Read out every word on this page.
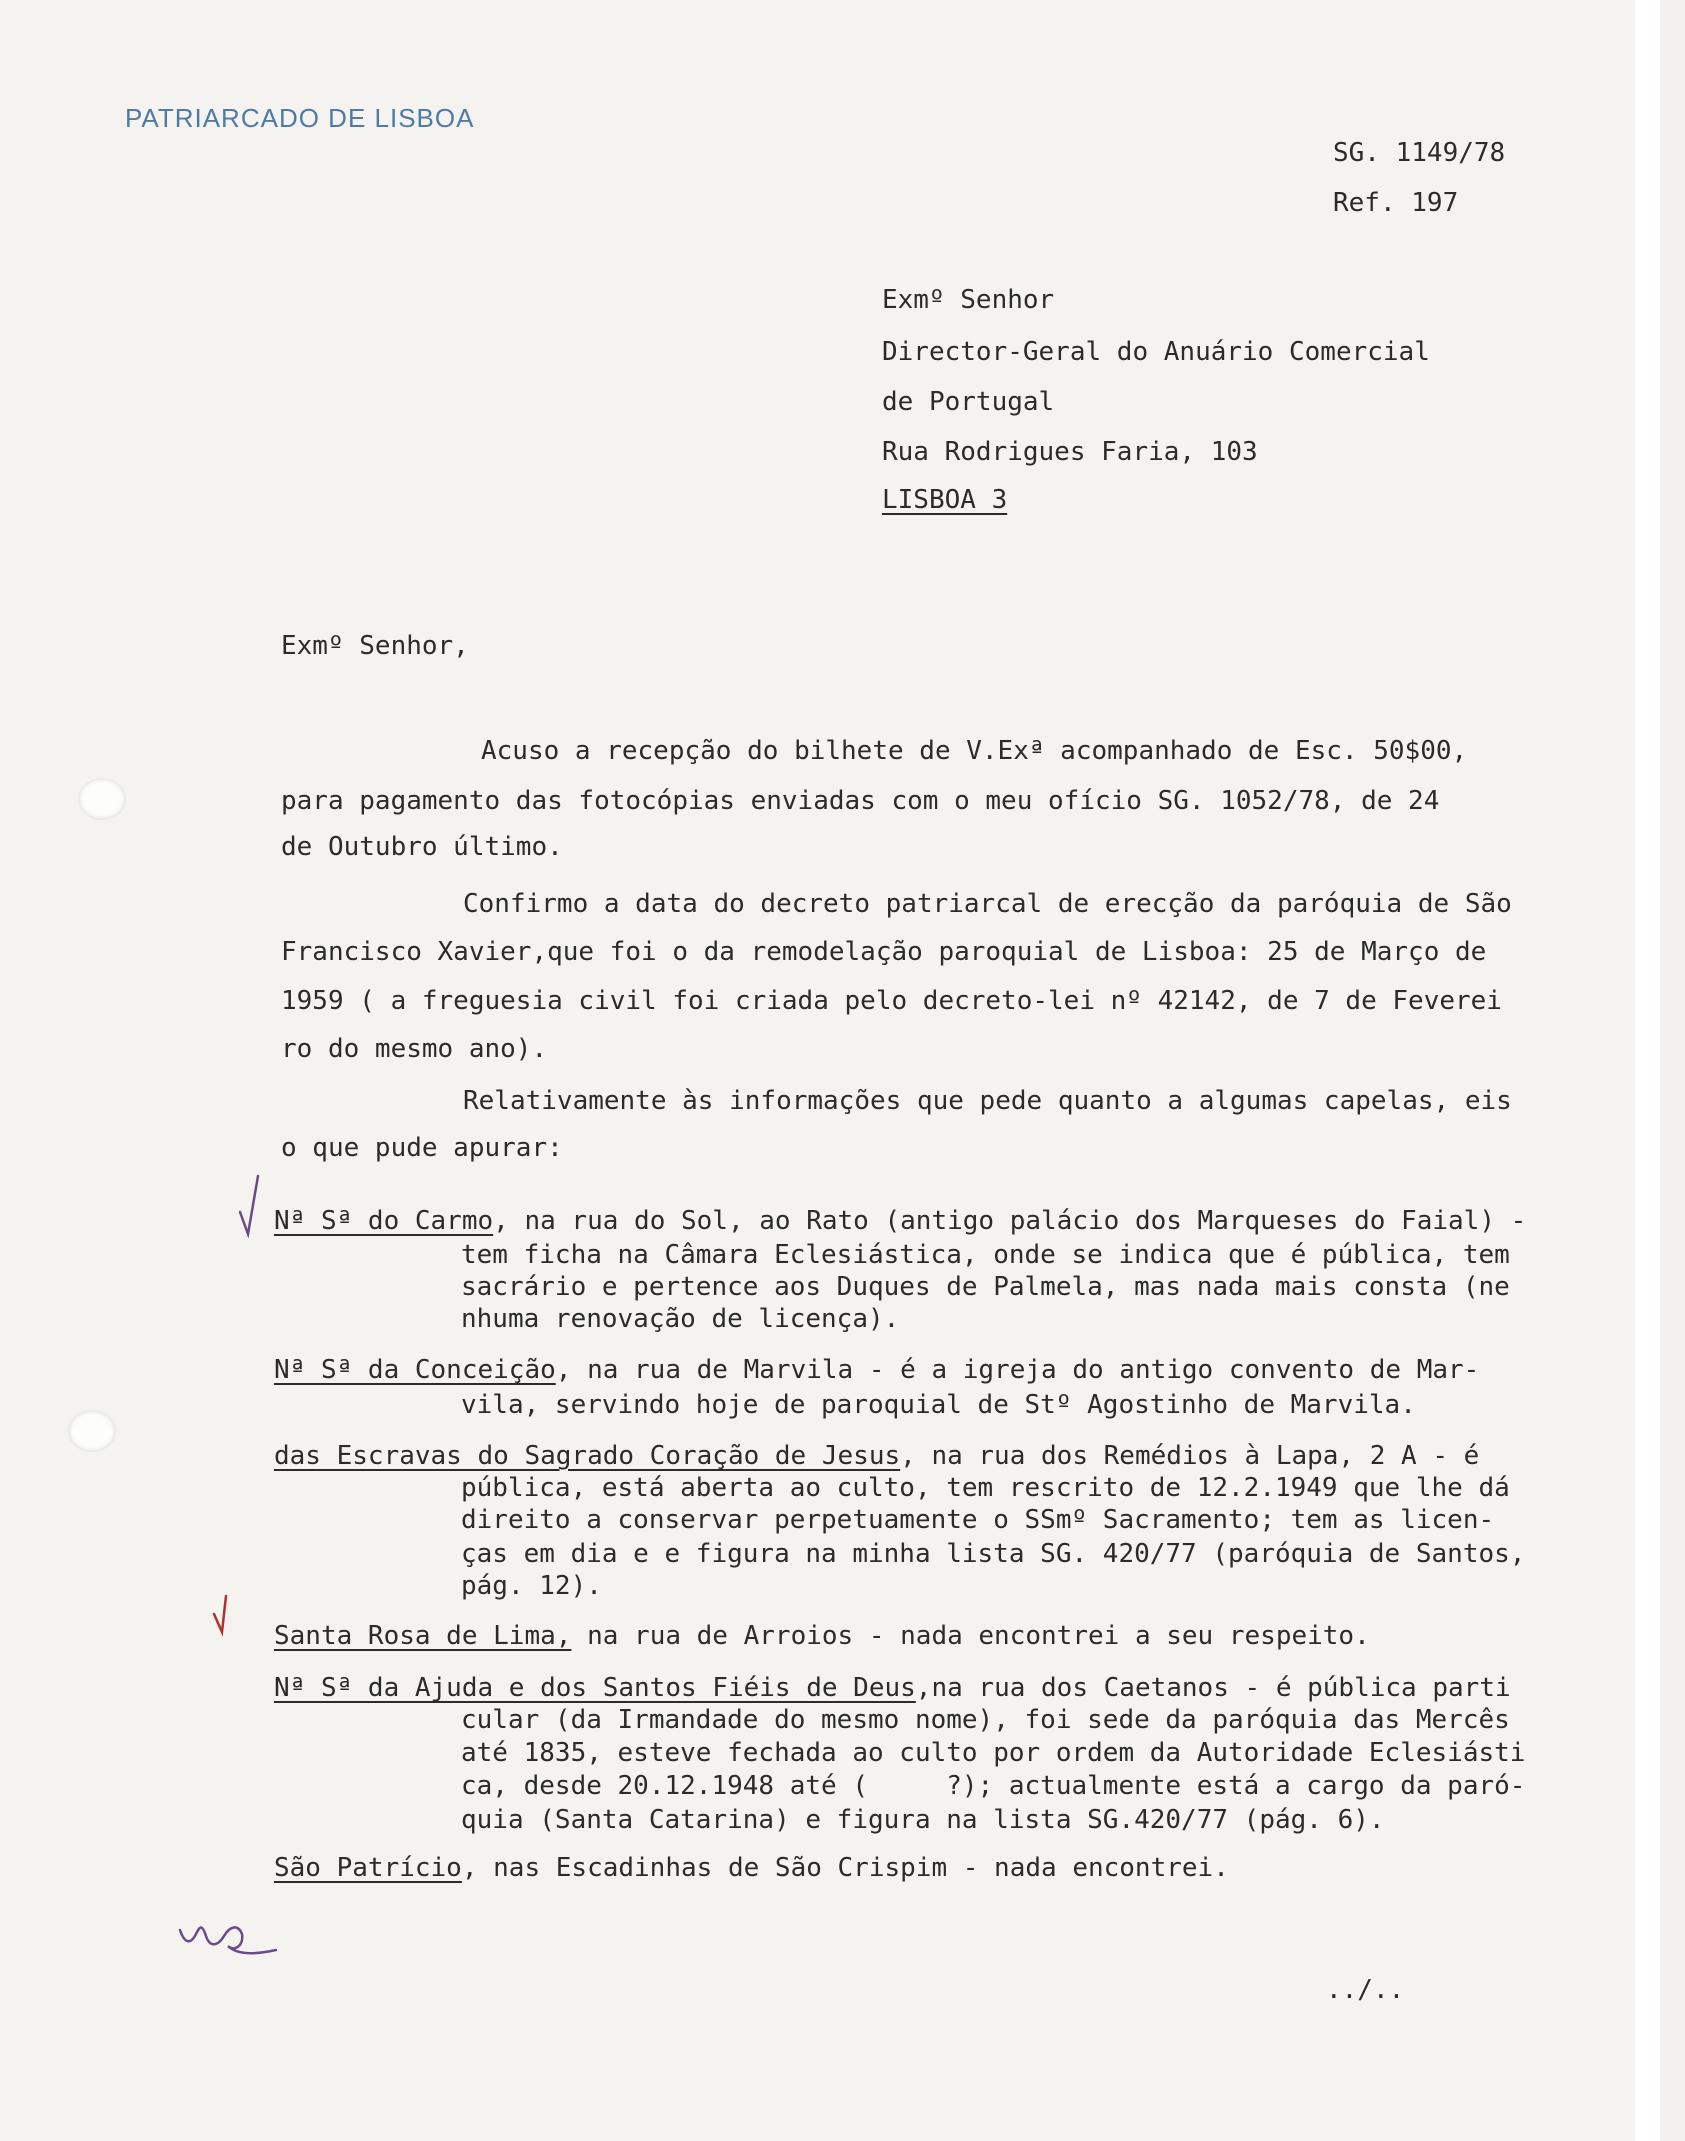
PATRIARCADO DE LISBOA
SG. 1149/78
Ref. 197
Exmº Senhor
Director-Geral do Anuário Comercial
de Portugal
Rua Rodrigues Faria, 103
LISBOA 3
Exmº Senhor,
Acuso a recepção do bilhete de V.Exª acompanhado de Esc. 50$00,
para pagamento das fotocópias enviadas com o meu ofício SG. 1052/78, de 24
de Outubro último.
Confirmo a data do decreto patriarcal de erecção da paróquia de São
Francisco Xavier,que foi o da remodelação paroquial de Lisboa: 25 de Março de
1959 ( a freguesia civil foi criada pelo decreto-lei nº 42142, de 7 de Feverei
ro do mesmo ano).
Relativamente às informações que pede quanto a algumas capelas, eis
o que pude apurar:
Nª Sª do Carmo, na rua do Sol, ao Rato (antigo palácio dos Marqueses do Faial) -
tem ficha na Câmara Eclesiástica, onde se indica que é pública, tem
sacrário e pertence aos Duques de Palmela, mas nada mais consta (ne
nhuma renovação de licença).
Nª Sª da Conceição, na rua de Marvila - é a igreja do antigo convento de Mar-
vila, servindo hoje de paroquial de Stº Agostinho de Marvila.
das Escravas do Sagrado Coração de Jesus, na rua dos Remédios à Lapa, 2 A - é
pública, está aberta ao culto, tem rescrito de 12.2.1949 que lhe dá
direito a conservar perpetuamente o SSmº Sacramento; tem as licen-
ças em dia e e figura na minha lista SG. 420/77 (paróquia de Santos,
pág. 12).
Santa Rosa de Lima, na rua de Arroios - nada encontrei a seu respeito.
Nª Sª da Ajuda e dos Santos Fiéis de Deus,na rua dos Caetanos - é pública parti
cular (da Irmandade do mesmo nome), foi sede da paróquia das Mercês
até 1835, esteve fechada ao culto por ordem da Autoridade Eclesiásti
ca, desde 20.12.1948 até (     ?); actualmente está a cargo da paró-
quia (Santa Catarina) e figura na lista SG.420/77 (pág. 6).
São Patrício, nas Escadinhas de São Crispim - nada encontrei.
../..
